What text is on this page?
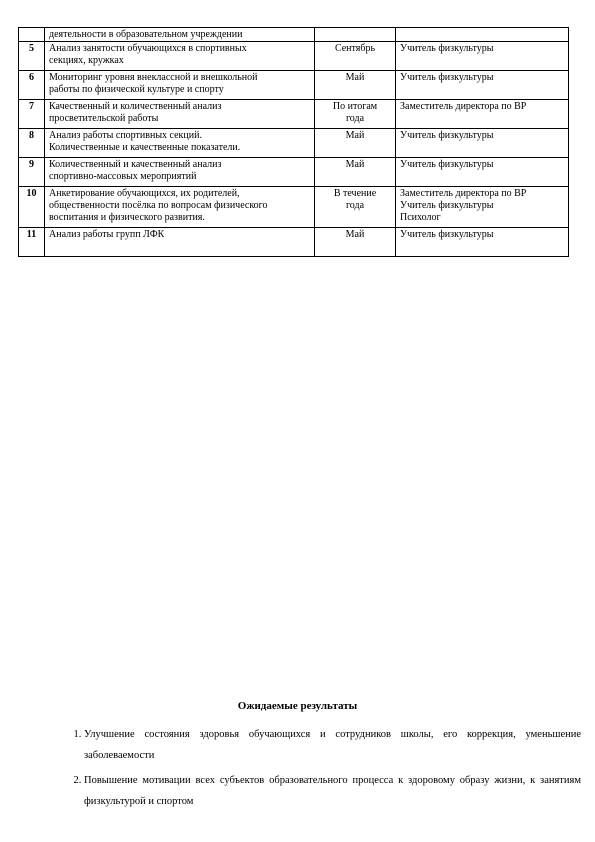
	деятельности в образовательном учреждении		

5	Анализ занятости обучающихся в спортивных
секциях, кружках	Сентябрь	Учитель физкультуры

6	Мониторинг уровня внеклассной и внешкольной
работы по физической культуре и спорту	Май	Учитель физкультуры

7	Качественный и количественный анализ
просветительской работы	По итогам
года	Заместитель директора по ВР

8	Анализ работы спортивных секций.
Количественные и качественные показатели.	Май	Учитель физкультуры

9	Количественный и качественный анализ
спортивно-массовых мероприятий	Май	Учитель физкультуры

10	Анкетирование обучающихся, их родителей,
общественности посёлка по вопросам физического
воспитания и физического развития.	В течение
года	Заместитель директора по ВР
Учитель физкультуры
Психолог

11	Анализ работы групп ЛФК	Май	Учитель физкультуры
Ожидаемые результаты
1. Улучшение состояния здоровья обучающихся и сотрудников школы, его коррекция, уменьшение заболеваемости
2. Повышение мотивации всех субъектов образовательного процесса к здоровому образу жизни, к занятиям физкультурой и спортом
